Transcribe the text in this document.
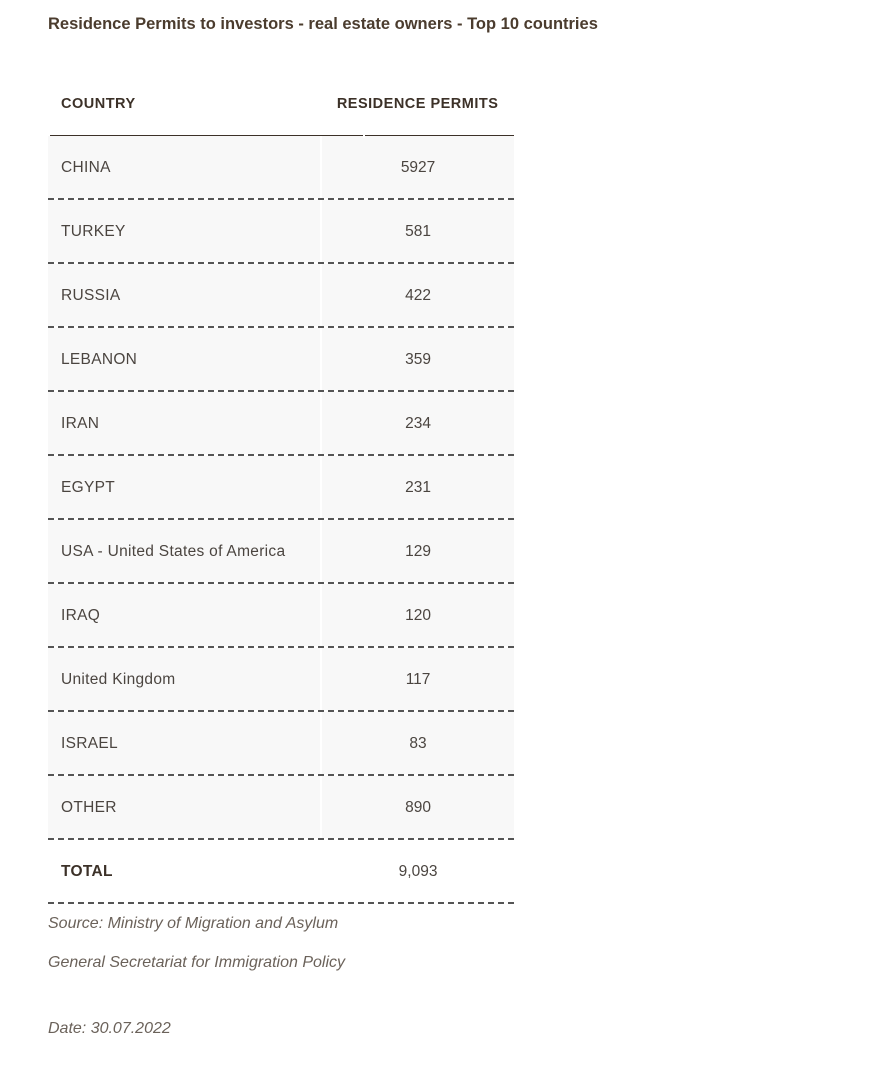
Residence Permits to investors - real estate owners - Top 10 countries
COUNTRY	RESIDENCE PERMITS
CHINA	5927
TURKEY	581
RUSSIA	422
LEBANON	359
IRAN	234
EGYPT	231
USA - United States of America	129
IRAQ	120
United Kingdom	117
ISRAEL	83
OTHER	890
TOTAL	9,093
Source: Ministry of Migration and Asylum
General Secretariat for Immigration Policy
Date: 30.07.2022
